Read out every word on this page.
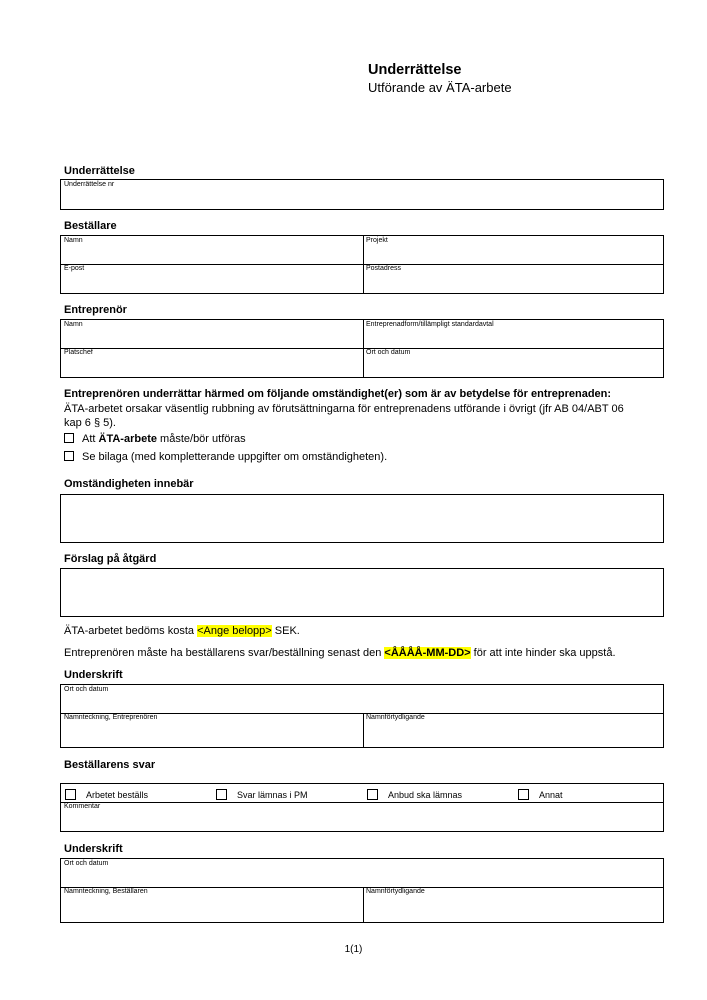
Underrättelse
Utförande av ÄTA-arbete
Underrättelse
Underrättelse nr
Beställare
Namn	Projekt
E-post	Postadress
Entreprenör
Namn	Entreprenadform/tillämpligt standardavtal
Platschef	Ort och datum
Entreprenören underrättar härmed om följande omständighet(er) som är av betydelse för entreprenaden:
ÄTA-arbetet orsakar väsentlig rubbning av förutsättningarna för entreprenadens utförande i övrigt (jfr AB 04/ABT 06
kap 6 § 5).
Att ÄTA-arbete måste/bör utföras
Se bilaga (med kompletterande uppgifter om omständigheten).
Omständigheten innebär
Förslag på åtgärd
ÄTA-arbetet bedöms kosta <Ange belopp> SEK.
Entreprenören måste ha beställarens svar/beställning senast den <ÅÅÅÅ-MM-DD> för att inte hinder ska uppstå.
Underskrift
Ort och datum
Namnteckning, Entreprenören	Namnförtydligande
Beställarens svar
Arbetet beställs	Svar lämnas i PM	Anbud ska lämnas	Annat
Kommentar
Underskrift
Ort och datum
Namnteckning, Beställaren	Namnförtydligande
1(1)
